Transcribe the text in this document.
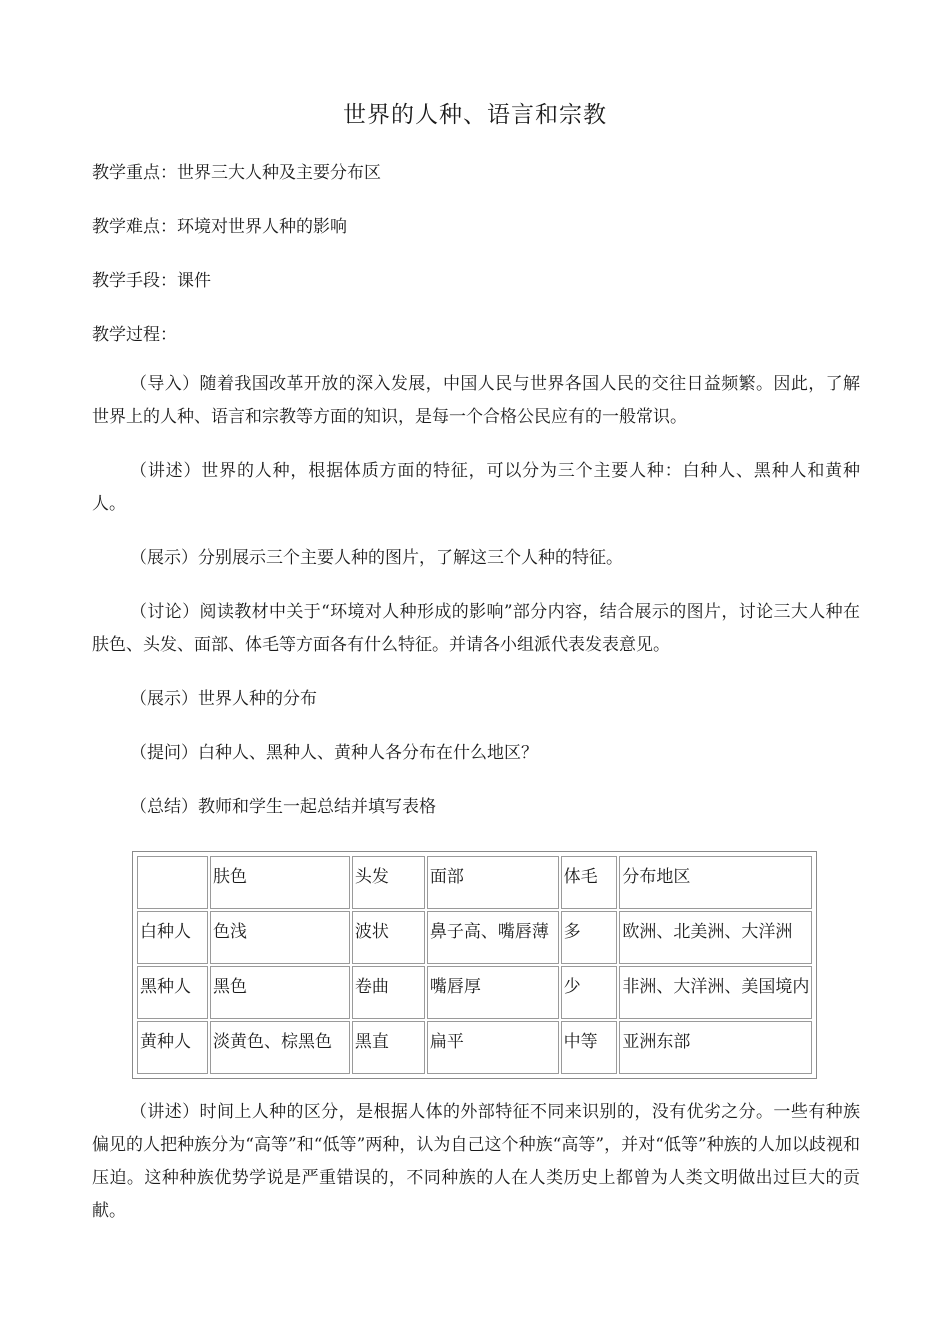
世界的人种、语言和宗教
教学重点：世界三大人种及主要分布区
教学难点：环境对世界人种的影响
教学手段：课件
教学过程：
（导入）随着我国改革开放的深入发展，中国人民与世界各国人民的交往日益频繁。因此，了解世界上的人种、语言和宗教等方面的知识，是每一个合格公民应有的一般常识。
（讲述）世界的人种，根据体质方面的特征，可以分为三个主要人种：白种人、黑种人和黄种人。
（展示）分别展示三个主要人种的图片，了解这三个人种的特征。
（讨论）阅读教材中关于“环境对人种形成的影响”部分内容，结合展示的图片，讨论三大人种在肤色、头发、面部、体毛等方面各有什么特征。并请各小组派代表发表意见。
（展示）世界人种的分布
（提问）白种人、黑种人、黄种人各分布在什么地区？
（总结）教师和学生一起总结并填写表格
	肤色	头发	面部	体毛	分布地区
白种人	色浅	波状	鼻子高、嘴唇薄	多	欧洲、北美洲、大洋洲
黑种人	黑色	卷曲	嘴唇厚	少	非洲、大洋洲、美国境内
黄种人	淡黄色、棕黑色	黑直	扁平	中等	亚洲东部
（讲述）时间上人种的区分，是根据人体的外部特征不同来识别的，没有优劣之分。一些有种族偏见的人把种族分为“高等”和“低等”两种，认为自己这个种族“高等”，并对“低等”种族的人加以歧视和压迫。这种种族优势学说是严重错误的，不同种族的人在人类历史上都曾为人类文明做出过巨大的贡献。
